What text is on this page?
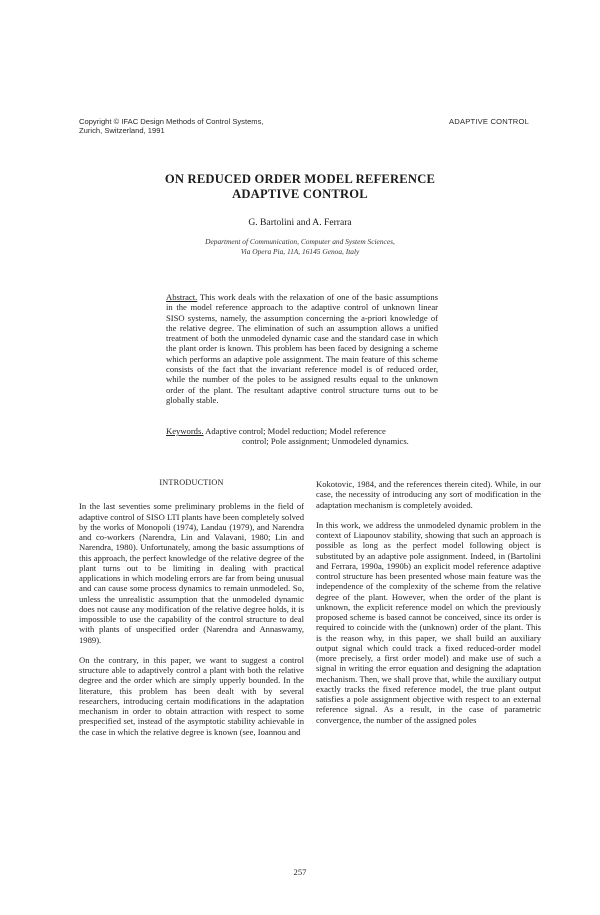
Copyright © IFAC Design Methods of Control Systems,
Zurich, Switzerland, 1991
ADAPTIVE CONTROL
ON REDUCED ORDER MODEL REFERENCE
ADAPTIVE CONTROL
G. Bartolini and A. Ferrara
Department of Communication, Computer and System Sciences,
Via Opera Pia, 11A, 16145 Genoa, Italy
Abstract. This work deals with the relaxation of one of the basic assumptions in the model reference approach to the adaptive control of unknown linear SISO systems, namely, the assumption concerning the a-priori knowledge of the relative degree. The elimination of such an assumption allows a unified treatment of both the unmodeled dynamic case and the standard case in which the plant order is known. This problem has been faced by designing a scheme which performs an adaptive pole assignment. The main feature of this scheme consists of the fact that the invariant reference model is of reduced order, while the number of the poles to be assigned results equal to the unknown order of the plant. The resultant adaptive control structure turns out to be globally stable.
Keywords. Adaptive control; Model reduction; Model reference
control; Pole assignment; Unmodeled dynamics.
INTRODUCTION

In the last seventies some preliminary problems in the field of adaptive control of SISO LTI plants have been completely solved by the works of Monopoli (1974), Landau (1979), and Narendra and co-workers (Narendra, Lin and Valavani, 1980; Lin and Narendra, 1980). Unfortunately, among the basic assumptions of this approach, the perfect knowledge of the relative degree of the plant turns out to be limiting in dealing with practical applications in which modeling errors are far from being unusual and can cause some process dynamics to remain unmodeled. So, unless the unrealistic assumption that the unmodeled dynamic does not cause any modification of the relative degree holds, it is impossible to use the capability of the control structure to deal with plants of unspecified order (Narendra and Annaswamy, 1989).

On the contrary, in this paper, we want to suggest a control structure able to adaptively control a plant with both the relative degree and the order which are simply upperly bounded. In the literature, this problem has been dealt with by several researchers, introducing certain modifications in the adaptation mechanism in order to obtain attraction with respect to some prespecified set, instead of the asymptotic stability achievable in the case in which the relative degree is known (see, Ioannou and

Kokotovic, 1984, and the references therein cited). While, in our case, the necessity of introducing any sort of modification in the adaptation mechanism is completely avoided.

In this work, we address the unmodeled dynamic problem in the context of Liapounov stability, showing that such an approach is possible as long as the perfect model following object is substituted by an adaptive pole assignment. Indeed, in (Bartolini and Ferrara, 1990a, 1990b) an explicit model reference adaptive control structure has been presented whose main feature was the independence of the complexity of the scheme from the relative degree of the plant. However, when the order of the plant is unknown, the explicit reference model on which the previously proposed scheme is based cannot be conceived, since its order is required to coincide with the (unknown) order of the plant. This is the reason why, in this paper, we shall build an auxiliary output signal which could track a fixed reduced-order model (more precisely, a first order model) and make use of such a signal in writing the error equation and designing the adaptation mechanism. Then, we shall prove that, while the auxiliary output exactly tracks the fixed reference model, the true plant output satisfies a pole assignment objective with respect to an external reference signal. As a result, in the case of parametric convergence, the number of the assigned poles

257
